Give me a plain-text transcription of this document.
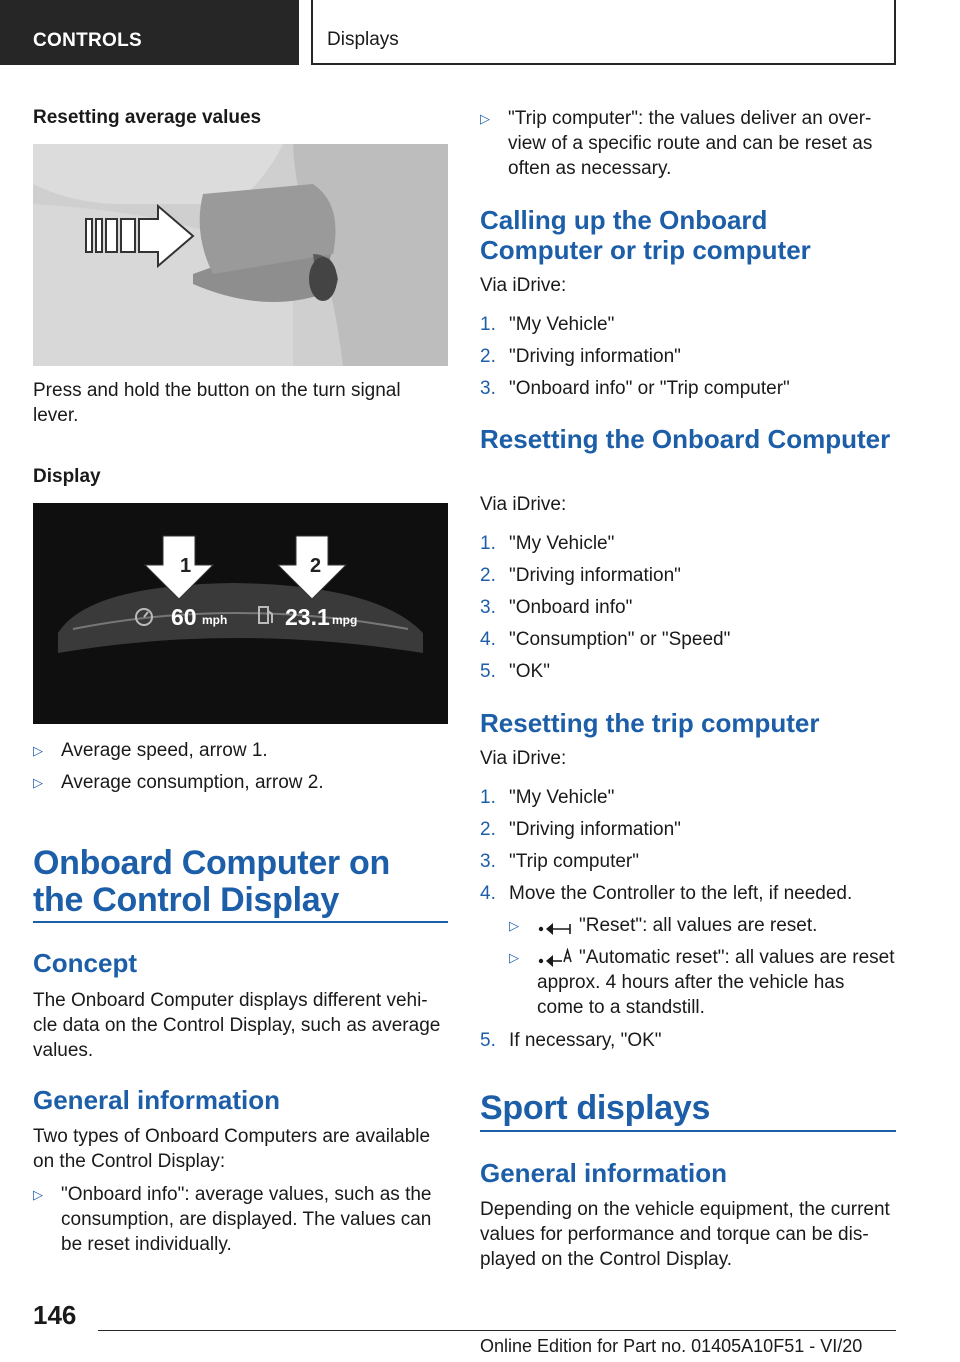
CONTROLS	Displays
Resetting average values
Press and hold the button on the turn signal lever.
Display
1	2
60 mph	23.1 mpg
▷ Average speed, arrow 1.
▷ Average consumption, arrow 2.
Onboard Computer on the Control Display
Concept
The Onboard Computer displays different vehi- cle data on the Control Display, such as average values.
General information
Two types of Onboard Computers are available on the Control Display:
▷ "Onboard info": average values, such as the consumption, are displayed. The values can be reset individually.
▷ "Trip computer": the values deliver an over- view of a specific route and can be reset as often as necessary.
Calling up the Onboard Computer or trip computer
Via iDrive:
1. "My Vehicle"
2. "Driving information"
3. "Onboard info" or "Trip computer"
Resetting the Onboard Computer
Via iDrive:
1. "My Vehicle"
2. "Driving information"
3. "Onboard info"
4. "Consumption" or "Speed"
5. "OK"
Resetting the trip computer
Via iDrive:
1. "My Vehicle"
2. "Driving information"
3. "Trip computer"
4. Move the Controller to the left, if needed.
▷	"Reset": all values are reset.
▷	"Automatic reset": all values are reset approx. 4 hours after the vehicle has come to a standstill.
5. If necessary, "OK"
Sport displays
General information
Depending on the vehicle equipment, the current values for performance and torque can be dis- played on the Control Display.
146
Online Edition for Part no. 01405A10F51 - VI/20
